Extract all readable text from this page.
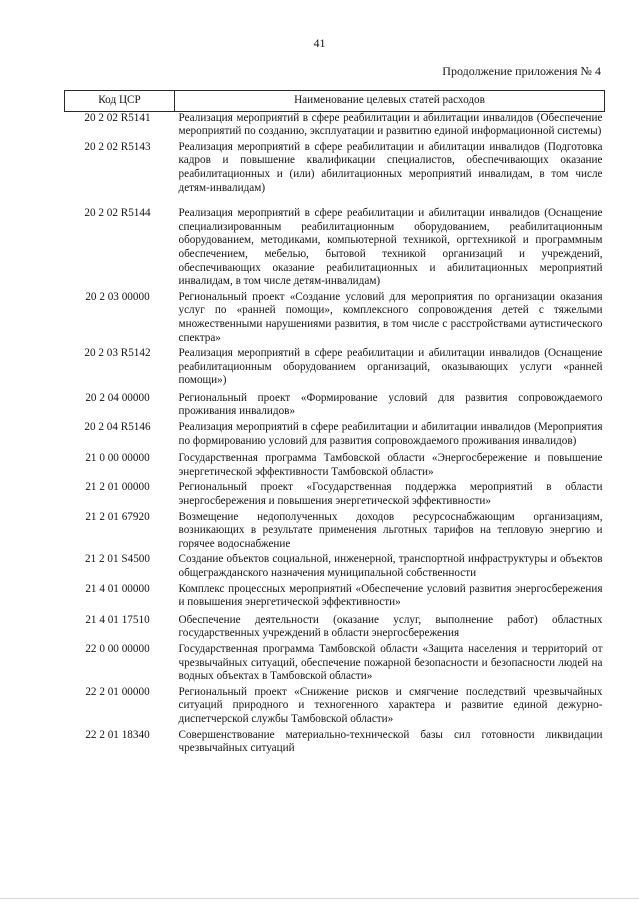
41
Продолжение приложения № 4
Код ЦСР	Наименование целевых статей расходов
20 2 02 R5141	Реализация мероприятий в сфере реабилитации и абилитации инвалидов (Обеспечение мероприятий по созданию, эксплуатации и развитию единой информационной системы)
20 2 02 R5143	Реализация мероприятий в сфере реабилитации и абилитации инвалидов (Подготовка кадров и повышение квалификации специалистов, обеспечивающих оказание реабилитационных и (или) абилитационных мероприятий инвалидам, в том числе детям-инвалидам)
20 2 02 R5144	Реализация мероприятий в сфере реабилитации и абилитации инвалидов (Оснащение специализированным реабилитационным оборудованием, реабилитационным оборудованием, методиками, компьютерной техникой, оргтехникой и программным обеспечением, мебелью, бытовой техникой организаций и учреждений, обеспечивающих оказание реабилитационных и абилитационных мероприятий инвалидам, в том числе детям-инвалидам)
20 2 03 00000	Региональный проект «Создание условий для мероприятия по организации оказания услуг по «ранней помощи», комплексного сопровождения детей с тяжелыми множественными нарушениями развития, в том числе с расстройствами аутистического спектра»
20 2 03 R5142	Реализация мероприятий в сфере реабилитации и абилитации инвалидов (Оснащение реабилитационным оборудованием организаций, оказывающих услуги «ранней помощи»)
20 2 04 00000	Региональный проект «Формирование условий для развития сопровождаемого проживания инвалидов»
20 2 04 R5146	Реализация мероприятий в сфере реабилитации и абилитации инвалидов (Мероприятия по формированию условий для развития сопровождаемого проживания инвалидов)
21 0 00 00000	Государственная программа Тамбовской области «Энергосбережение и повышение энергетической эффективности Тамбовской области»
21 2 01 00000	Региональный проект «Государственная поддержка мероприятий в области энергосбережения и повышения энергетической эффективности»
21 2 01 67920	Возмещение недополученных доходов ресурсоснабжающим организациям, возникающих в результате применения льготных тарифов на тепловую энергию и горячее водоснабжение
21 2 01 S4500	Создание объектов социальной, инженерной, транспортной инфраструктуры и объектов общегражданского назначения муниципальной собственности
21 4 01 00000	Комплекс процессных мероприятий «Обеспечение условий развития энергосбережения и повышения энергетической эффективности»
21 4 01 17510	Обеспечение деятельности (оказание услуг, выполнение работ) областных государственных учреждений в области энергосбережения
22 0 00 00000	Государственная программа Тамбовской области «Защита населения и территорий от чрезвычайных ситуаций, обеспечение пожарной безопасности и безопасности людей на водных объектах в Тамбовской области»
22 2 01 00000	Региональный проект «Снижение рисков и смягчение последствий чрезвычайных ситуаций природного и техногенного характера и развитие единой дежурно-диспетчерской службы Тамбовской области»
22 2 01 18340	Совершенствование материально-технической базы сил готовности ликвидации чрезвычайных ситуаций
